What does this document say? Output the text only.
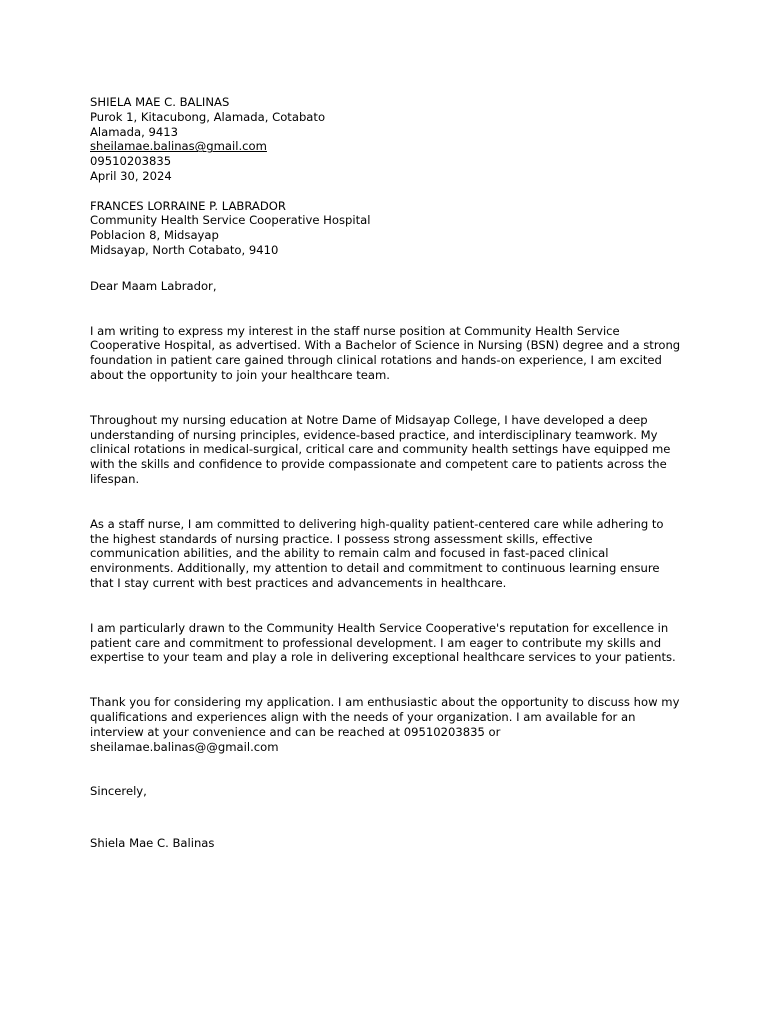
SHIELA MAE C. BALINAS
Purok 1, Kitacubong, Alamada, Cotabato
Alamada, 9413
sheilamae.balinas@gmail.com
09510203835
April 30, 2024
FRANCES LORRAINE P. LABRADOR
Community Health Service Cooperative Hospital
Poblacion 8, Midsayap
Midsayap, North Cotabato, 9410
Dear Maam Labrador,

I am writing to express my interest in the staff nurse position at Community Health Service Cooperative Hospital, as advertised. With a Bachelor of Science in Nursing (BSN) degree and a strong foundation in patient care gained through clinical rotations and hands-on experience, I am excited about the opportunity to join your healthcare team.

Throughout my nursing education at Notre Dame of Midsayap College, I have developed a deep understanding of nursing principles, evidence-based practice, and interdisciplinary teamwork. My clinical rotations in medical-surgical, critical care and community health settings have equipped me with the skills and confidence to provide compassionate and competent care to patients across the lifespan.

As a staff nurse, I am committed to delivering high-quality patient-centered care while adhering to the highest standards of nursing practice. I possess strong assessment skills, effective communication abilities, and the ability to remain calm and focused in fast-paced clinical environments. Additionally, my attention to detail and commitment to continuous learning ensure that I stay current with best practices and advancements in healthcare.

I am particularly drawn to the Community Health Service Cooperative's reputation for excellence in patient care and commitment to professional development. I am eager to contribute my skills and expertise to your team and play a role in delivering exceptional healthcare services to your patients.

Thank you for considering my application. I am enthusiastic about the opportunity to discuss how my qualifications and experiences align with the needs of your organization. I am available for an interview at your convenience and can be reached at 09510203835 or sheilamae.balinas@@gmail.com

Sincerely,
Shiela Mae C. Balinas
